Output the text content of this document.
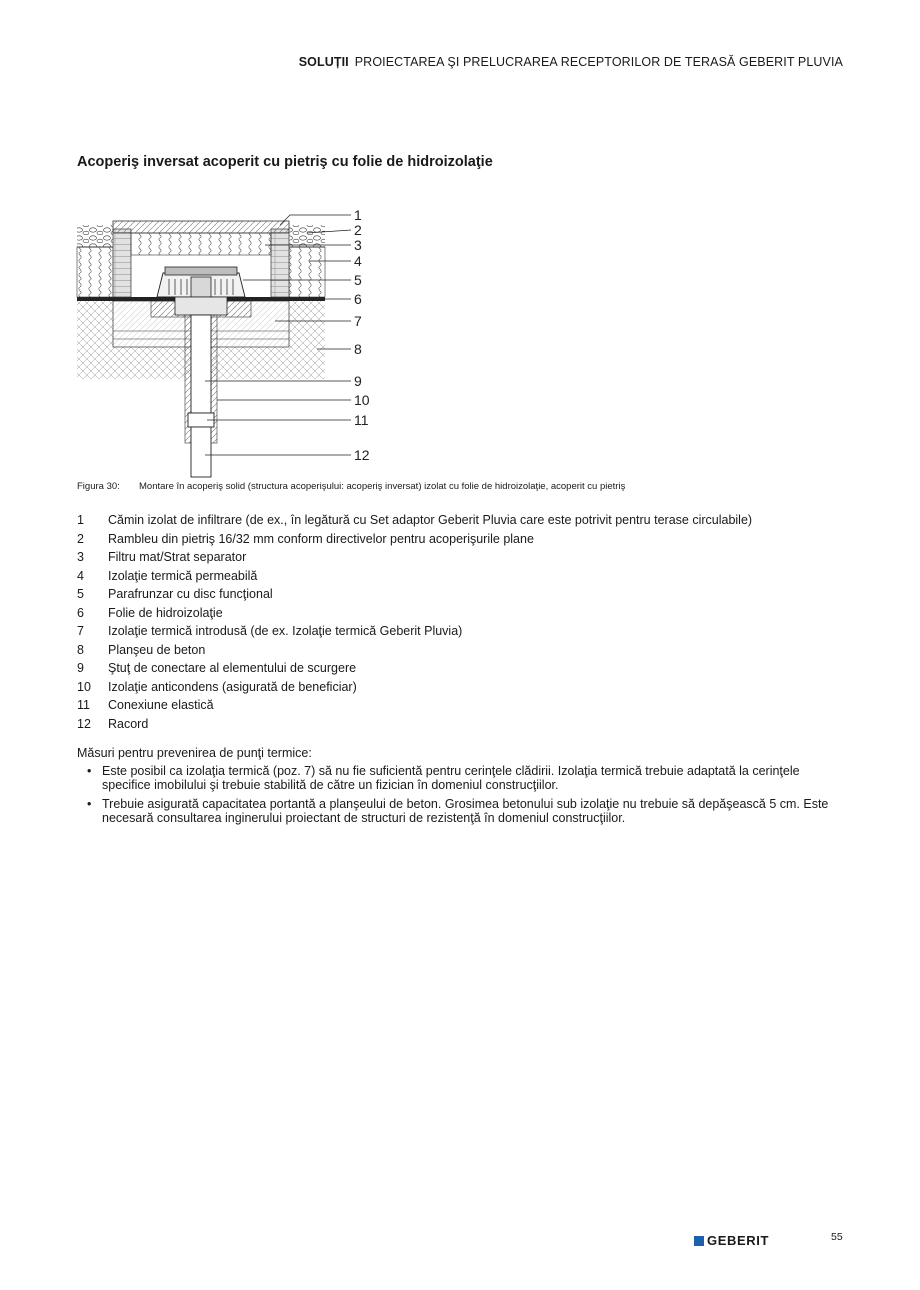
SOLUȚII PROIECTAREA ŞI PRELUCRAREA RECEPTORILOR DE TERASĂ GEBERIT PLUVIA
Acoperiş inversat acoperit cu pietriş cu folie de hidroizolaţie
1
2
3
4
5
6
7
8
9
10
11
12
Figura 30: Montare în acoperiş solid (structura acoperişului: acoperiş inversat) izolat cu folie de hidroizolaţie, acoperit cu pietriş
1	Cămin izolat de infiltrare (de ex., în legătură cu Set adaptor Geberit Pluvia care este potrivit pentru terase circulabile)
2	Rambleu din pietriş 16/32 mm conform directivelor pentru acoperişurile plane
3	Filtru mat/Strat separator
4	Izolaţie termică permeabilă
5	Parafrunzar cu disc funcţional
6	Folie de hidroizolaţie
7	Izolaţie termică introdusă (de ex. Izolaţie termică Geberit Pluvia)
8	Planşeu de beton
9	Ştuţ de conectare al elementului de scurgere
10	Izolaţie anticondens (asigurată de beneficiar)
11	Conexiune elastică
12	Racord
Măsuri pentru prevenirea de punţi termice:
• Este posibil ca izolaţia termică (poz. 7) să nu fie suficientă pentru cerinţele clădirii. Izolaţia termică trebuie adaptată la cerinţele specifice imobilului şi trebuie stabilită de către un fizician în domeniul construcţiilor.
• Trebuie asigurată capacitatea portantă a planşeului de beton. Grosimea betonului sub izolaţie nu trebuie să depăşească 5 cm. Este necesară consultarea inginerului proiectant de structuri de rezistenţă în domeniul construcţiilor.
GEBERIT	55
